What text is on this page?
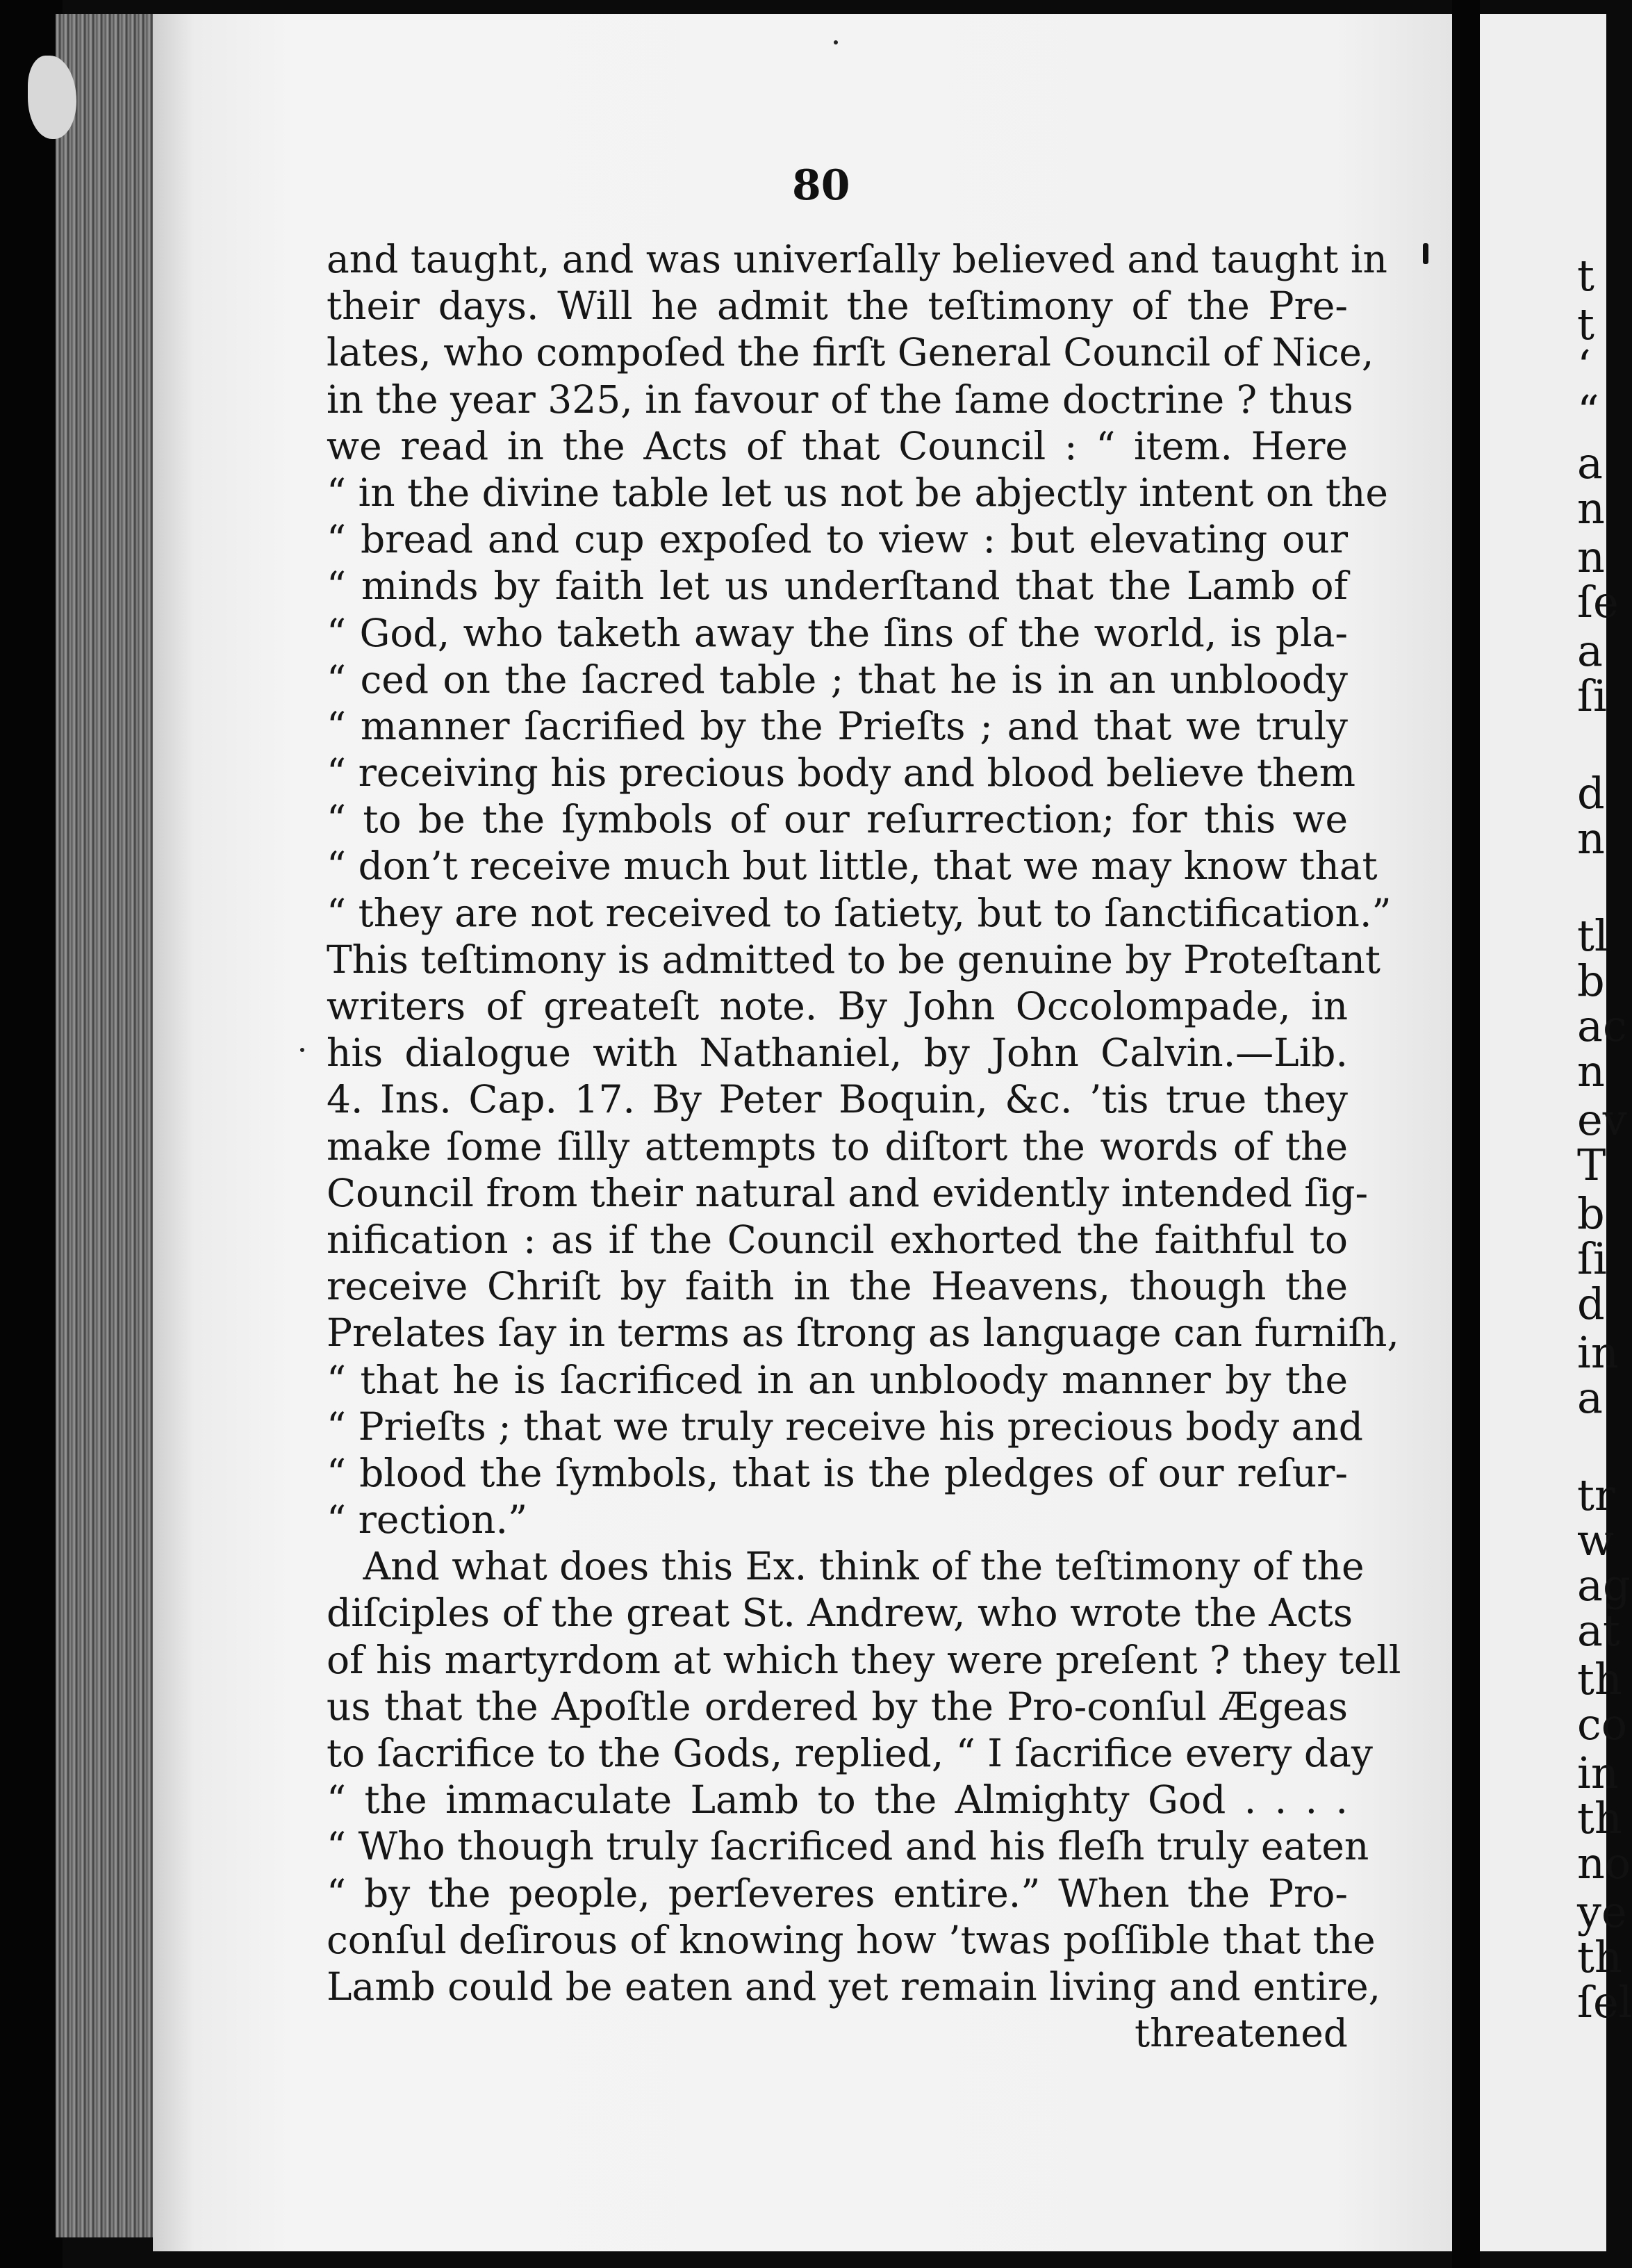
80
and taught, and was univerſally believed and taught in
their days. Will he admit the teſtimony of the Pre-
lates, who compoſed the firſt General Council of Nice,
in the year 325, in favour of the ſame doctrine ? thus
we read in the Acts of that Council : “ item. Here
“ in the divine table let us not be abjectly intent on the
“ bread and cup expoſed to view : but elevating our
“ minds by faith let us underſtand that the Lamb of
“ God, who taketh away the ſins of the world, is pla-
“ ced on the ſacred table ; that he is in an unbloody
“ manner ſacrified by the Prieſts ; and that we truly
“ receiving his precious body and blood believe them
“ to be the ſymbols of our reſurrection; for this we
“ don’t receive much but little, that we may know that
“ they are not received to ſatiety, but to ſanctification.”
This teſtimony is admitted to be genuine by Proteſtant
writers of greateſt note. By John Occolompade, in
his dialogue with Nathaniel, by John Calvin.—Lib.
4. Ins. Cap. 17. By Peter Boquin, &c. ’tis true they
make ſome ſilly attempts to diſtort the words of the
Council from their natural and evidently intended ſig-
nification : as if the Council exhorted the faithful to
receive Chriſt by faith in the Heavens, though the
Prelates ſay in terms as ſtrong as language can furniſh,
“ that he is ſacrificed in an unbloody manner by the
“ Prieſts ; that we truly receive his precious body and
“ blood the ſymbols, that is the pledges of our reſur-
“ rection.”
And what does this Ex. think of the teſtimony of the
diſciples of the great St. Andrew, who wrote the Acts
of his martyrdom at which they were preſent ? they tell
us that the Apoſtle ordered by the Pro-conſul Ægeas
to ſacrifice to the Gods, replied, “ I ſacrifice every day
“ the immaculate Lamb to the Almighty God . . . .
“ Who though truly ſacrificed and his fleſh truly eaten
“ by the people, perſeveres entire.” When the Pro-
conſul deſirous of knowing how ’twas poſſible that the
Lamb could be eaten and yet remain living and entire,
threatened
t
t
‘
“
a
n
n
ſe
a
ſi
d
n
tl
b
ac
n
ev
T
b
ſi
d
in
a
tr
w
ag
at
th
co
in
th
no
ye
th
ſel
